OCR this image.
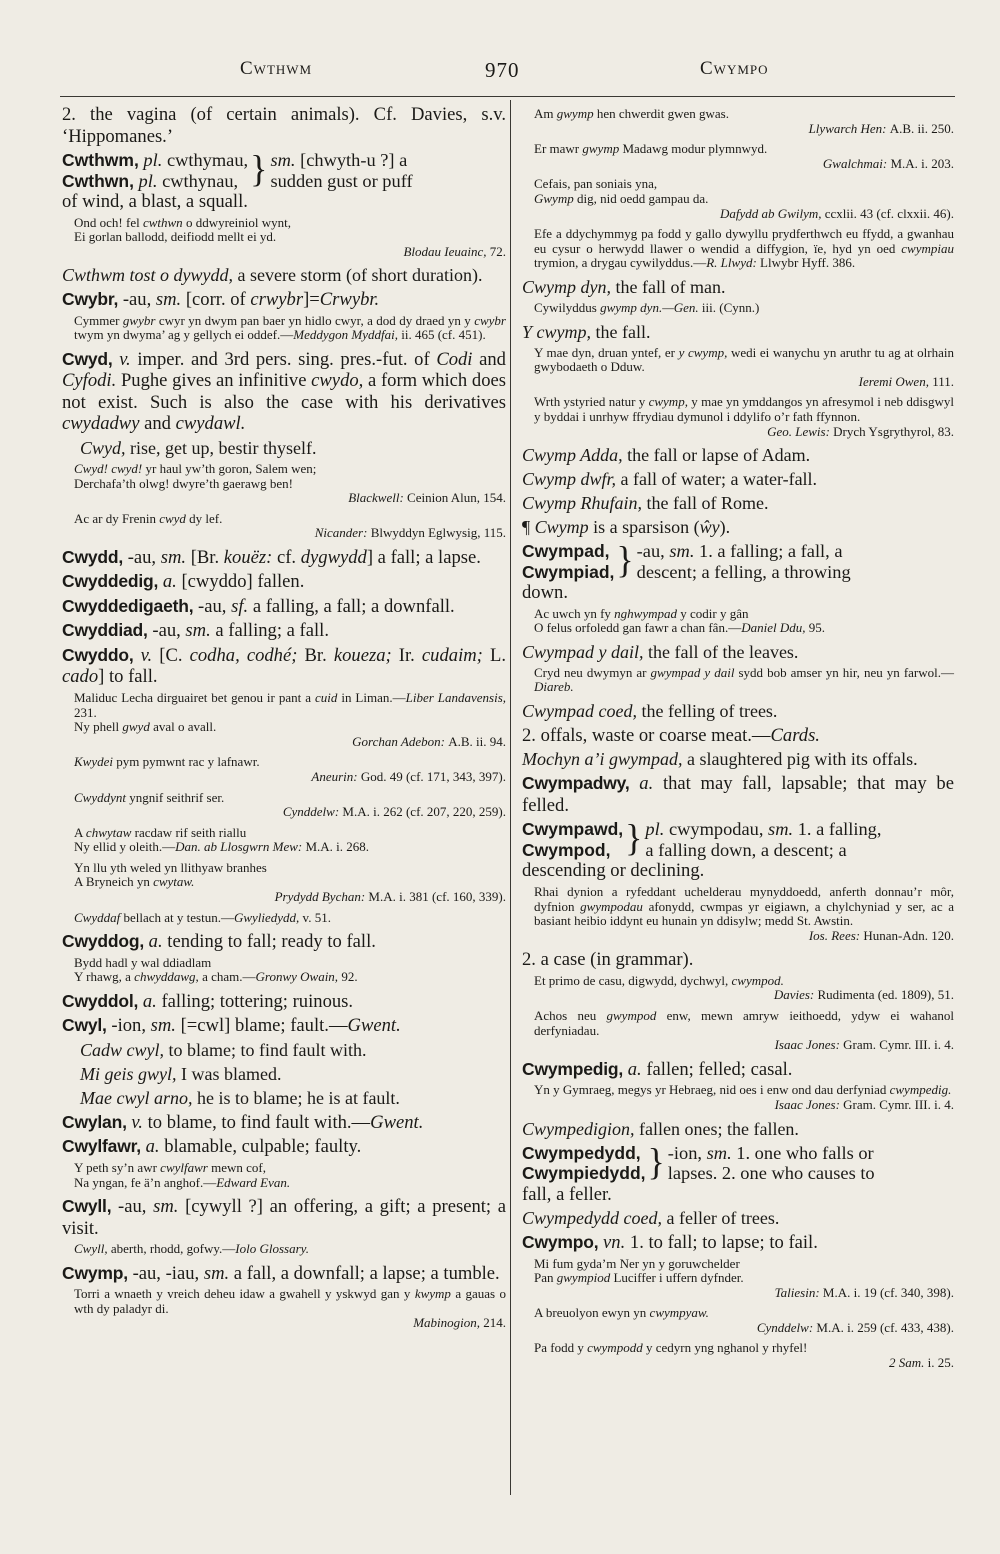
Cwthwm	970	Cwympo
2. the vagina (of certain animals). Cf. Davies, s.v. ‘Hippomanes.’
Cwthwm, pl. cwthymau,
Cwthwn, pl. cwthynau, } sm. [chwyth-u ?] a
sudden gust or puff
of wind, a blast, a squall.
Ond och! fel cwthwn o ddwyreiniol wynt,
Ei gorlan ballodd, deifiodd mellt ei yd.
Blodau Ieuainc, 72.
Cwthwm tost o dywydd, a severe storm (of short duration).
Cwybr, -au, sm. [corr. of crwybr]=Crwybr.
Cymmer gwybr cwyr yn dwym pan baer yn hidlo cwyr, a dod dy draed yn y cwybr twym yn dwyma’ ag y gellych ei oddef.—Meddygon Myddfai, ii. 465 (cf. 451).
Cwyd, v. imper. and 3rd pers. sing. pres.-fut. of Codi and Cyfodi. Pughe gives an infinitive cwydo, a form which does not exist. Such is also the case with his derivatives cwydadwy and cwydawl.
Cwyd, rise, get up, bestir thyself.
Cwyd! cwyd! yr haul yw’th goron, Salem wen;
Derchafa’th olwg! dwyre’th gaerawg ben!
Blackwell: Ceinion Alun, 154.
Ac ar dy Frenin cwyd dy lef.
Nicander: Blwyddyn Eglwysig, 115.
Cwydd, -au, sm. [Br. kouëz: cf. dygwydd] a fall; a lapse.
Cwyddedig, a. [cwyddo] fallen.
Cwyddedigaeth, -au, sf. a falling, a fall; a downfall.
Cwyddiad, -au, sm. a falling; a fall.
Cwyddo, v. [C. codha, codhé; Br. koueza; Ir. cudaim; L. cado] to fall.
Maliduc Lecha dirguairet bet genou ir pant a cuid in Liman.—Liber Landavensis, 231.
Ny phell gwyd aval o avall.
Gorchan Adebon: A.B. ii. 94.
Kwydei pym pymwnt rac y lafnawr.
Aneurin: God. 49 (cf. 171, 343, 397).
Cwyddynt yngnif seithrif ser.
Cynddelw: M.A. i. 262 (cf. 207, 220, 259).
A chwytaw racdaw rif seith riallu
Ny ellid y oleith.—Dan. ab Llosgwrn Mew: M.A. i. 268.
Yn llu yth weled yn llithyaw branhes
A Bryneich yn cwytaw.
Prydydd Bychan: M.A. i. 381 (cf. 160, 339).
Cwyddaf bellach at y testun.—Gwyliedydd, v. 51.
Cwyddog, a. tending to fall; ready to fall.
Bydd hadl y wal ddiadlam
Y rhawg, a chwyddawg, a cham.—Gronwy Owain, 92.
Cwyddol, a. falling; tottering; ruinous.
Cwyl, -ion, sm. [=cwl] blame; fault.—Gwent.
Cadw cwyl, to blame; to find fault with.
Mi geis gwyl, I was blamed.
Mae cwyl arno, he is to blame; he is at fault.
Cwylan, v. to blame, to find fault with.—Gwent.
Cwylfawr, a. blamable, culpable; faulty.
Y peth sy’n awr cwylfawr mewn cof,
Na yngan, fe ä’n anghof.—Edward Evan.
Cwyll, -au, sm. [cywyll ?] an offering, a gift; a present; a visit.
Cwyll, aberth, rhodd, gofwy.—Iolo Glossary.
Cwymp, -au, -iau, sm. a fall, a downfall; a lapse; a tumble.
Torri a wnaeth y vreich deheu idaw a gwahell y yskwyd gan y kwymp a gauas o wth dy paladyr di.
Mabinogion, 214.
Am gwymp hen chwerdit gwen gwas.
Llywarch Hen: A.B. ii. 250.
Er mawr gwymp Madawg modur plymnwyd.
Gwalchmai: M.A. i. 203.
Cefais, pan soniais yna,
Gwymp dig, nid oedd gampau da.
Dafydd ab Gwilym, ccxlii. 43 (cf. clxxii. 46).
Efe a ddychymmyg pa fodd y gallo dywyllu prydferthwch eu ffydd, a gwanhau eu cysur o herwydd llawer o wendid a diffygion, ïe, hyd yn oed cwympiau trymion, a drygau cywilyddus.—R. Llwyd: Llwybr Hyff. 386.
Cwymp dyn, the fall of man.
Cywilyddus gwymp dyn.—Gen. iii. (Cynn.)
Y cwymp, the fall.
Y mae dyn, druan yntef, er y cwymp, wedi ei wanychu yn aruthr tu ag at olrhain gwybodaeth o Dduw.
Ieremi Owen, 111.
Wrth ystyried natur y cwymp, y mae yn ymddangos yn afresymol i neb ddisgwyl y byddai i unrhyw ffrydiau dymunol i ddylifo o’r fath ffynnon.
Geo. Lewis: Drych Ysgrythyrol, 83.
Cwymp Adda, the fall or lapse of Adam.
Cwymp dwfr, a fall of water; a water-fall.
Cwymp Rhufain, the fall of Rome.
¶ Cwymp is a sparsison (ŵy).
Cwympad,
Cwympiad, } -au, sm. 1. a falling; a fall, a
descent; a felling, a throwing
down.
Ac uwch yn fy nghwympad y codir y gân
O felus orfoledd gan fawr a chan fân.—Daniel Ddu, 95.
Cwympad y dail, the fall of the leaves.
Cryd neu dwymyn ar gwympad y dail sydd bob amser yn hir, neu yn farwol.—Diareb.
Cwympad coed, the felling of trees.
2. offals, waste or coarse meat.—Cards.
Mochyn a’i gwympad, a slaughtered pig with its offals.
Cwympadwy, a. that may fall, lapsable; that may be felled.
Cwympawd,
Cwympod, } pl. cwympodau, sm. 1. a falling,
a falling down, a descent; a
descending or declining.
Rhai dynion a ryfeddant uchelderau mynyddoedd, anferth donnau’r môr, dyfnion gwympodau afonydd, cwmpas yr eigiawn, a chylchyniad y ser, ac a basiant heibio iddynt eu hunain yn ddisylw; medd St. Awstin.
Ios. Rees: Hunan-Adn. 120.
2. a case (in grammar).
Et primo de casu, digwydd, dychwyl, cwympod.
Davies: Rudimenta (ed. 1809), 51.
Achos neu gwympod enw, mewn amryw ieithoedd, ydyw ei wahanol derfyniadau.
Isaac Jones: Gram. Cymr. III. i. 4.
Cwympedig, a. fallen; felled; casal.
Yn y Gymraeg, megys yr Hebraeg, nid oes i enw ond dau derfyniad cwympedig.
Isaac Jones: Gram. Cymr. III. i. 4.
Cwympedigion, fallen ones; the fallen.
Cwympedydd,
Cwympiedydd, } -ion, sm. 1. one who falls or
lapses. 2. one who causes to
fall, a feller.
Cwympedydd coed, a feller of trees.
Cwympo, vn. 1. to fall; to lapse; to fail.
Mi fum gyda’m Ner yn y goruwchelder
Pan gwympiod Luciffer i uffern dyfnder.
Taliesin: M.A. i. 19 (cf. 340, 398).
A breuolyon ewyn yn cwympyaw.
Cynddelw: M.A. i. 259 (cf. 433, 438).
Pa fodd y cwympodd y cedyrn yng nghanol y rhyfel!
2 Sam. i. 25.
